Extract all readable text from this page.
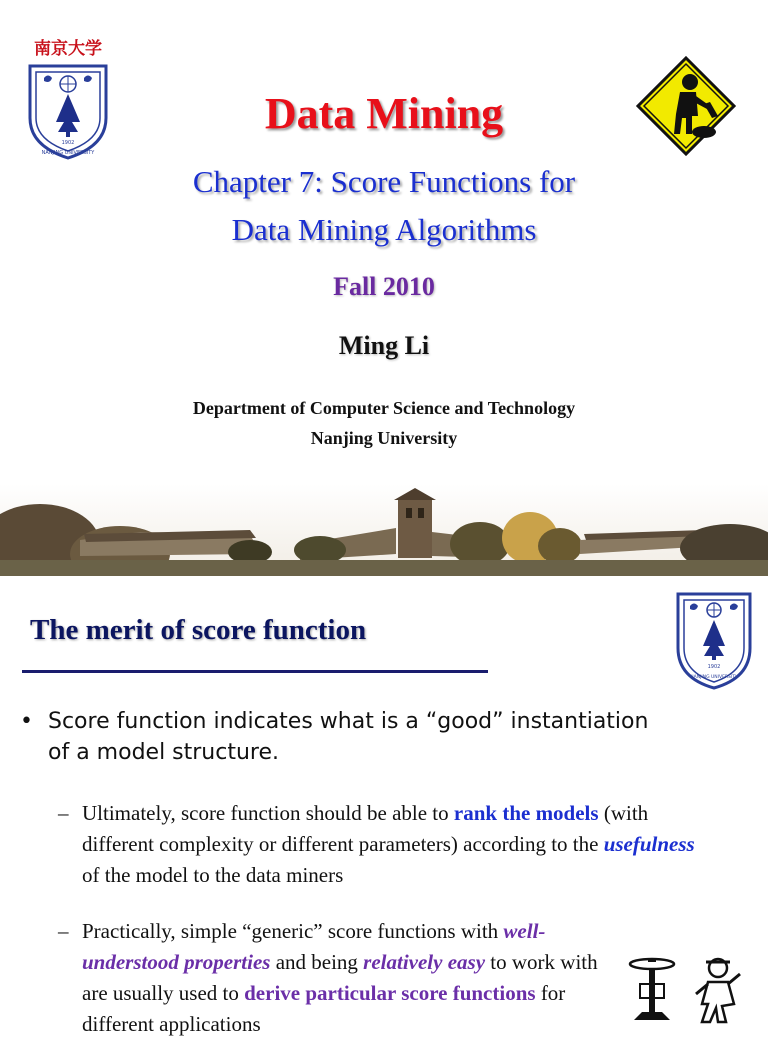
南京大学
1902
NANJING UNIVERSITY
Data Mining
Chapter 7: Score Functions for
Data Mining Algorithms
Fall 2010
Ming Li
Department of Computer Science and Technology
Nanjing University
The merit of score function
1902
NANJING UNIVERSITY
• Score function indicates what is a “good” instantiation
of a model structure.
– Ultimately, score function should be able to rank the models (with different complexity or different parameters) according to the usefulness of the model to the data miners
– Practically, simple “generic” score functions with well-understood properties and being relatively easy to work with are usually used to derive particular score functions for different applications
